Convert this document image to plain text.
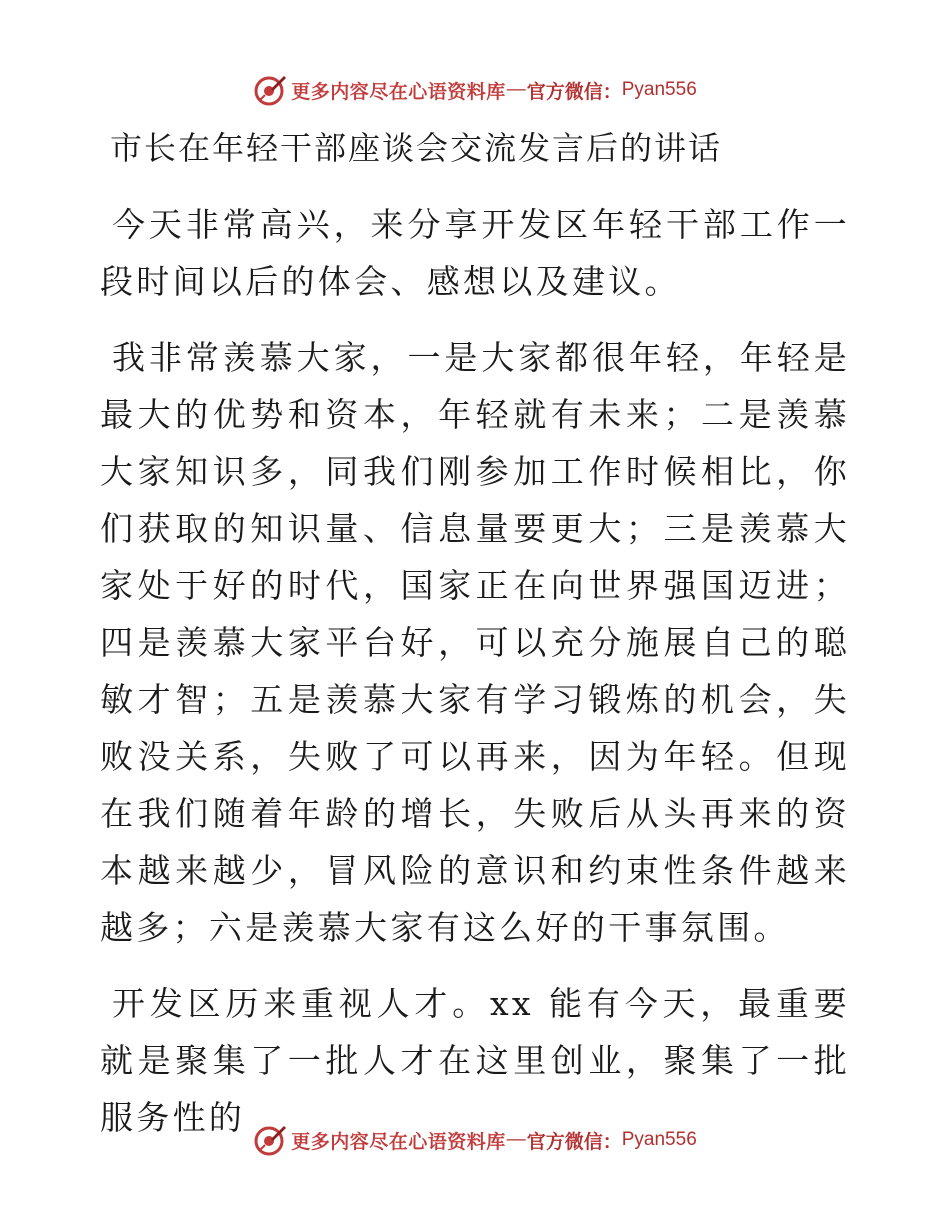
更多内容尽在心语资料库 — 官方微信： Pyan556
市长在年轻干部座谈会交流发言后的讲话

今天非常高兴，来分享开发区年轻干部工作一段时间以后的体会、感想以及建议。

我非常羡慕大家，一是大家都很年轻，年轻是最大的优势和资本，年轻就有未来；二是羡慕大家知识多，同我们刚参加工作时候相比，你们获取的知识量、信息量要更大；三是羡慕大家处于好的时代，国家正在向世界强国迈进；四是羡慕大家平台好，可以充分施展自己的聪敏才智；五是羡慕大家有学习锻炼的机会，失败没关系，失败了可以再来，因为年轻。但现在我们随着年龄的增长，失败后从头再来的资本越来越少，冒风险的意识和约束性条件越来越多；六是羡慕大家有这么好的干事氛围。

开发区历来重视人才。xx 能有今天，最重要就是聚集了一批人才在这里创业，聚集了一批服务性的

更多内容尽在心语资料库 — 官方微信： Pyan556
